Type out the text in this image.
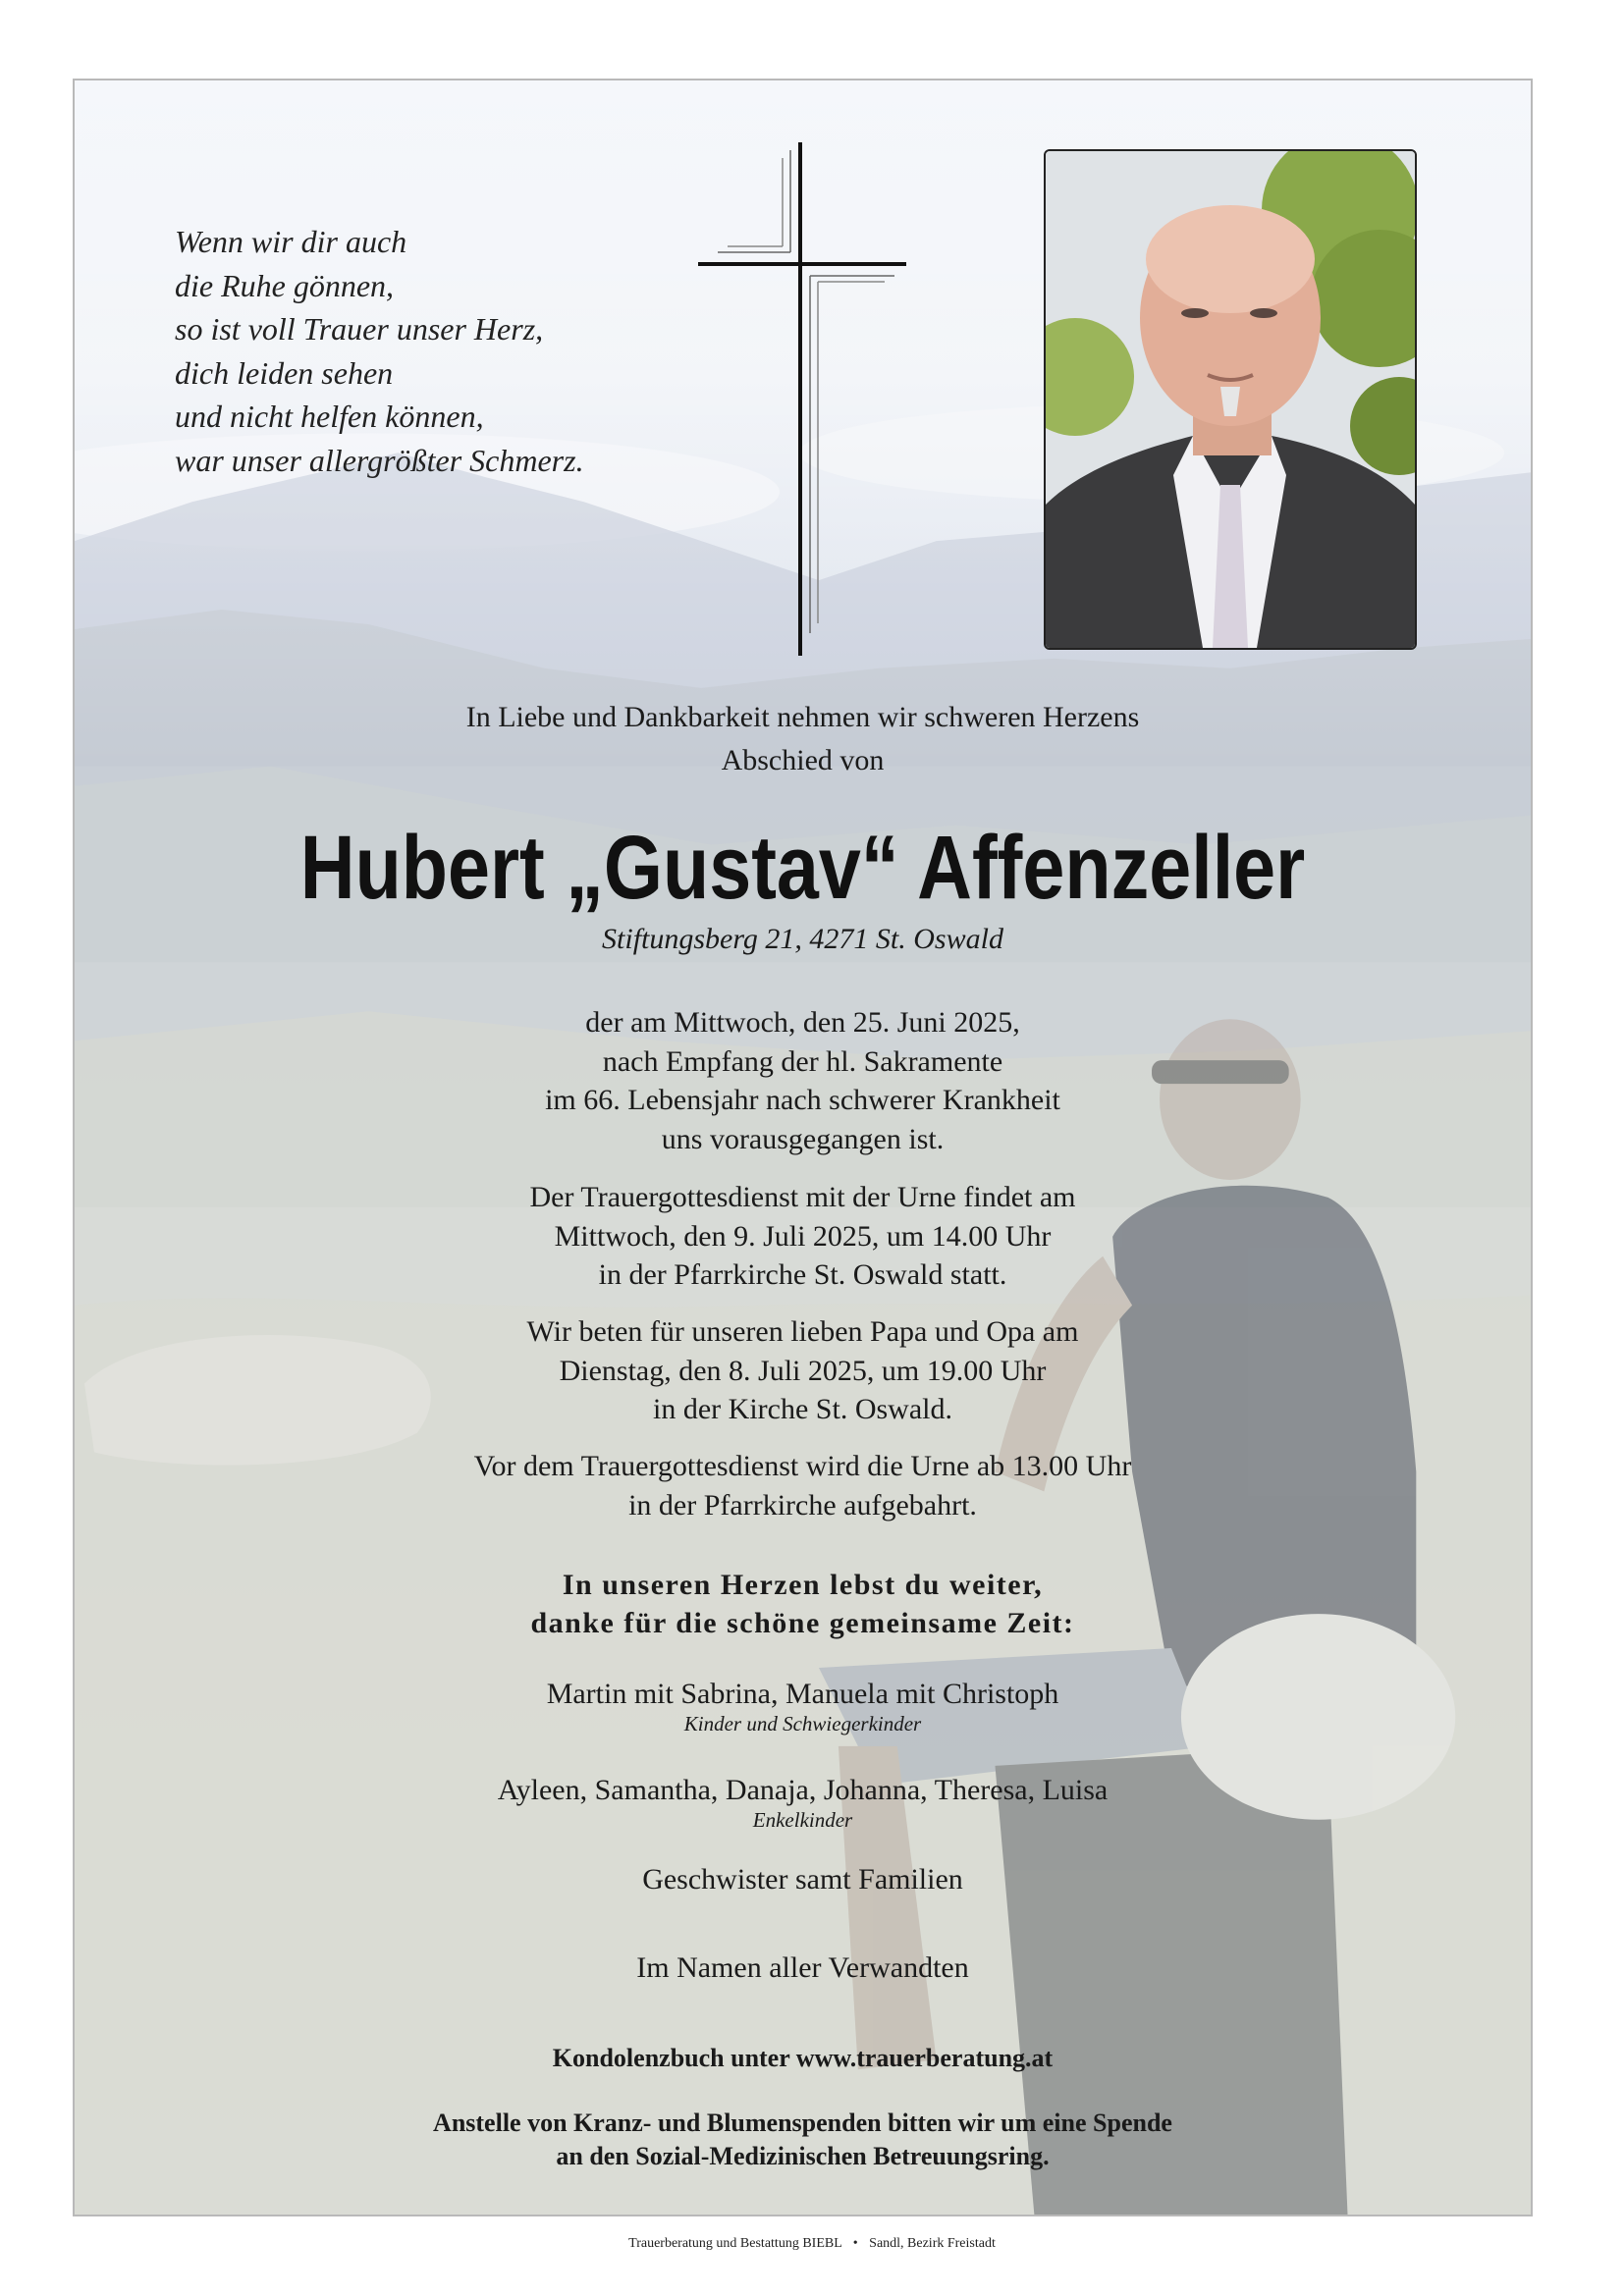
Wenn wir dir auch
die Ruhe gönnen,
so ist voll Trauer unser Herz,
dich leiden sehen
und nicht helfen können,
war unser allergrößter Schmerz.
In Liebe und Dankbarkeit nehmen wir schweren Herzens
Abschied von
Hubert „Gustav“ Affenzeller
Stiftungsberg 21, 4271 St. Oswald
der am Mittwoch, den 25. Juni 2025,
nach Empfang der hl. Sakramente
im 66. Lebensjahr nach schwerer Krankheit
uns vorausgegangen ist.
Der Trauergottesdienst mit der Urne findet am
Mittwoch, den 9. Juli 2025, um 14.00 Uhr
in der Pfarrkirche St. Oswald statt.
Wir beten für unseren lieben Papa und Opa am
Dienstag, den 8. Juli 2025, um 19.00 Uhr
in der Kirche St. Oswald.
Vor dem Trauergottesdienst wird die Urne ab 13.00 Uhr
in der Pfarrkirche aufgebahrt.
In unseren Herzen lebst du weiter,
danke für die schöne gemeinsame Zeit:
Martin mit Sabrina, Manuela mit Christoph
Kinder und Schwiegerkinder
Ayleen, Samantha, Danaja, Johanna, Theresa, Luisa
Enkelkinder
Geschwister samt Familien
Im Namen aller Verwandten
Kondolenzbuch unter www.trauerberatung.at
Anstelle von Kranz- und Blumenspenden bitten wir um eine Spende
an den Sozial-Medizinischen Betreuungsring.
Trauerberatung und Bestattung BIEBL • Sandl, Bezirk Freistadt
